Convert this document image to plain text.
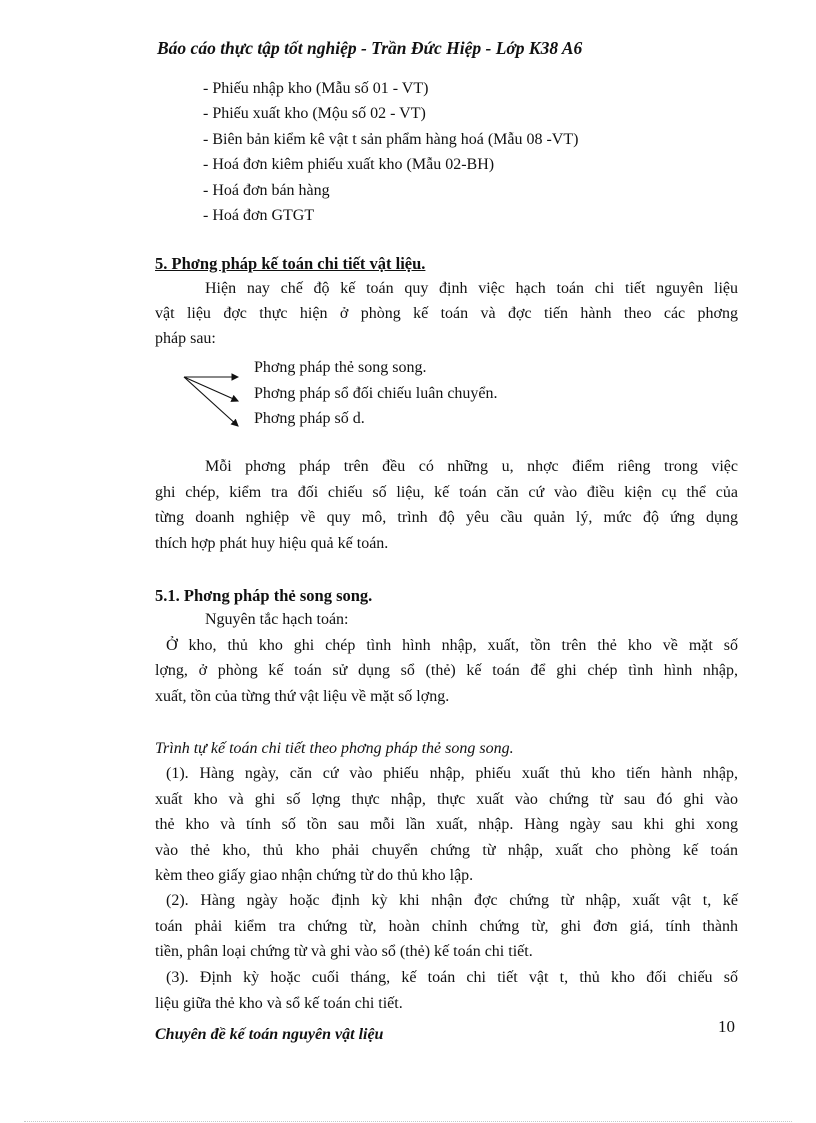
Báo cáo thực tập tốt nghiệp - Trần Đức Hiệp - Lớp K38 A6
- Phiếu nhập kho (Mẫu số 01 - VT)
- Phiếu xuất kho (Mộu số 02 - VT)
- Biên bản kiểm kê vật t sản phẩm hàng hoá (Mẫu 08 -VT)
- Hoá đơn kiêm phiếu xuất kho (Mẫu 02-BH)
- Hoá đơn bán hàng
- Hoá đơn GTGT
5. Phơng pháp kế toán chi tiết vật liệu.
Hiện nay chế độ kế toán quy định việc hạch toán chi tiết nguyên liệu
vật liệu đợc thực hiện ở phòng kế toán và đợc tiến hành theo các phơng
pháp sau:
Phơng pháp thẻ song song.
Phơng pháp sổ đối chiếu luân chuyển.
Phơng pháp số d.
Mỗi phơng pháp trên đều có những u, nhợc điểm riêng trong việc
ghi chép, kiểm tra đối chiếu số liệu, kế toán căn cứ vào điều kiện cụ thể của
từng doanh nghiệp về quy mô, trình độ yêu cầu quản lý, mức độ ứng dụng
thích hợp phát huy hiệu quả kế toán.
5.1. Phơng pháp thẻ song song.
Nguyên tắc hạch toán:
Ở kho, thủ kho ghi chép tình hình nhập, xuất, tồn trên thẻ kho về mặt số
lợng, ở phòng kế toán sử dụng sổ (thẻ) kế toán để ghi chép tình hình nhập,
xuất, tồn của từng thứ vật liệu về mặt số lợng.
Trình tự kế toán chi tiết theo phơng pháp thẻ song song.
(1). Hàng ngày, căn cứ vào phiếu nhập, phiếu xuất thủ kho tiến hành nhập,
xuất kho và ghi số lợng thực nhập, thực xuất vào chứng từ sau đó ghi vào
thẻ kho và tính số tồn sau mỗi lần xuất, nhập. Hàng ngày sau khi ghi xong
vào thẻ kho, thủ kho phải chuyển chứng từ nhập, xuất cho phòng kế toán
kèm theo giấy giao nhận chứng từ do thủ kho lập.
(2). Hàng ngày hoặc định kỳ khi nhận đợc chứng từ nhập, xuất vật t, kế
toán phải kiểm tra chứng từ, hoàn chỉnh chứng từ, ghi đơn giá, tính thành
tiền, phân loại chứng từ và ghi vào sổ (thẻ) kế toán chi tiết.
(3). Định kỳ hoặc cuối tháng, kế toán chi tiết vật t, thủ kho đối chiếu số
liệu giữa thẻ kho và sổ kế toán chi tiết.
Chuyên đề kế toán nguyên vật liệu	10
